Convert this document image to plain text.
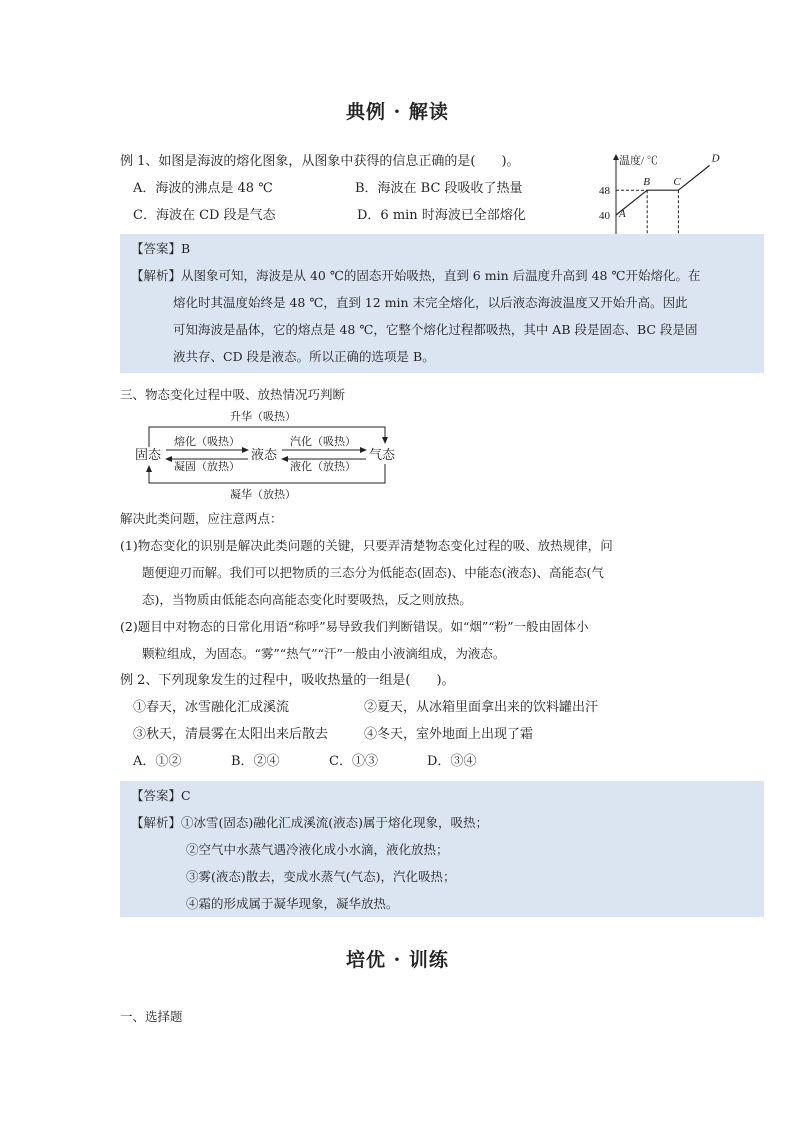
典例 · 解读
例 1、如图是海波的熔化图象，从图象中获得的信息正确的是(　　)。
A．海波的沸点是 48 ℃	B．海波在 BC 段吸收了热量
C．海波在 CD 段是气态	D．6 min 时海波已全部熔化
温度/ ℃
40
48
A
B C
D
【答案】B
【解析】从图象可知，海波是从 40 ℃的固态开始吸热，直到 6 min 后温度升高到 48 ℃开始熔化。在
熔化时其温度始终是 48 ℃，直到 12 min 末完全熔化，以后液态海波温度又开始升高。因此
可知海波是晶体，它的熔点是 48 ℃，它整个熔化过程都吸热，其中 AB 段是固态、BC 段是固
液共存、CD 段是液态。所以正确的选项是 B。
三、物态变化过程中吸、放热情况巧判断
固态	液态	气态
升华（吸热）
凝华（放热）
熔化（吸热）
凝固（放热）
汽化（吸热）
液化（放热）
解决此类问题，应注意两点：
(1)物态变化的识别是解决此类问题的关键，只要弄清楚物态变化过程的吸、放热规律，问
题便迎刃而解。我们可以把物质的三态分为低能态(固态)、中能态(液态)、高能态(气
态)，当物质由低能态向高能态变化时要吸热，反之则放热。
(2)题目中对物态的日常化用语“称呼”易导致我们判断错误。如“烟”“粉”一般由固体小
颗粒组成，为固态。“雾”“热气”“汗”一般由小液滴组成，为液态。
例 2、下列现象发生的过程中，吸收热量的一组是(　　)。
①春天，冰雪融化汇成溪流	②夏天，从冰箱里面拿出来的饮料罐出汗
③秋天，清晨雾在太阳出来后散去	④冬天，室外地面上出现了霜
A．①②	B．②④	C．①③	D．③④
【答案】C
【解析】①冰雪(固态)融化汇成溪流(液态)属于熔化现象，吸热；
②空气中水蒸气遇冷液化成小水滴，液化放热；
③雾(液态)散去，变成水蒸气(气态)，汽化吸热；
④霜的形成属于凝华现象，凝华放热。
培优 · 训练
一、选择题
